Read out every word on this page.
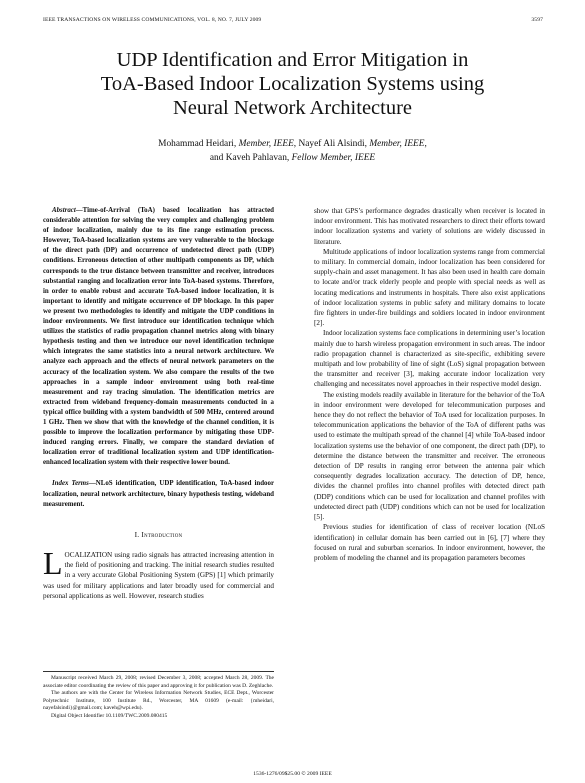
IEEE TRANSACTIONS ON WIRELESS COMMUNICATIONS, VOL. 8, NO. 7, JULY 2009	3597
UDP Identification and Error Mitigation in
ToA-Based Indoor Localization Systems using
Neural Network Architecture
Mohammad Heidari, Member, IEEE, Nayef Ali Alsindi, Member, IEEE,
and Kaveh Pahlavan, Fellow Member, IEEE
Abstract—Time-of-Arrival (ToA) based localization has attracted considerable attention for solving the very complex and challenging problem of indoor localization, mainly due to its fine range estimation process. However, ToA-based localization systems are very vulnerable to the blockage of the direct path (DP) and occurrence of undetected direct path (UDP) conditions. Erroneous detection of other multipath components as DP, which corresponds to the true distance between transmitter and receiver, introduces substantial ranging and localization error into ToA-based systems. Therefore, in order to enable robust and accurate ToA-based indoor localization, it is important to identify and mitigate occurrence of DP blockage. In this paper we present two methodologies to identify and mitigate the UDP conditions in indoor environments. We first introduce our identification technique which utilizes the statistics of radio propagation channel metrics along with binary hypothesis testing and then we introduce our novel identification technique which integrates the same statistics into a neural network architecture. We analyze each approach and the effects of neural network parameters on the accuracy of the localization system. We also compare the results of the two approaches in a sample indoor environment using both real-time measurement and ray tracing simulation. The identification metrics are extracted from wideband frequency-domain measurements conducted in a typical office building with a system bandwidth of 500 MHz, centered around 1 GHz. Then we show that with the knowledge of the channel condition, it is possible to improve the localization performance by mitigating those UDP-induced ranging errors. Finally, we compare the standard deviation of localization error of traditional localization system and UDP identification-enhanced localization system with their respective lower bound.
Index Terms—NLoS identification, UDP identification, ToA-based indoor localization, neural network architecture, binary hypothesis testing, wideband measurement.
I. Introduction

LOCALIZATION using radio signals has attracted increasing attention in the field of positioning and tracking. The initial research studies resulted in a very accurate Global Positioning System (GPS) [1] which primarily was used for military applications and later broadly used for commercial and personal applications as well. However, research studies

Manuscript received March 29, 2008; revised December 3, 2008; accepted March 28, 2009. The associate editor coordinating the review of this paper and approving it for publication was D. Zeghlache.
The authors are with the Center for Wireless Information Network Studies, ECE Dept., Worcester Polytechnic Institute, 100 Institute Rd., Worcester, MA 01609 (e-mail: {mheidari, nayefalsindi}@gmail.com; kaveh@wpi.edu).
Digital Object Identifier 10.1109/TWC.2009.080415

show that GPS’s performance degrades drastically when receiver is located in indoor environment. This has motivated researchers to direct their efforts toward indoor localization systems and variety of solutions are widely discussed in literature.

Multitude applications of indoor localization systems range from commercial to military. In commercial domain, indoor localization has been considered for supply-chain and asset management. It has also been used in health care domain to locate and/or track elderly people and people with special needs as well as locating medications and instruments in hospitals. There also exist applications of indoor localization systems in public safety and military domains to locate fire fighters in under-fire buildings and soldiers located in indoor environment [2].

Indoor localization systems face complications in determining user’s location mainly due to harsh wireless propagation environment in such areas. The indoor radio propagation channel is characterized as site-specific, exhibiting severe multipath and low probability of line of sight (LoS) signal propagation between the transmitter and receiver [3], making accurate indoor localization very challenging and necessitates novel approaches in their respective model design.

The existing models readily available in literature for the behavior of the ToA in indoor environment were developed for telecommunication purposes and hence they do not reflect the behavior of ToA used for localization purposes. In telecommunication applications the behavior of the ToA of different paths was used to estimate the multipath spread of the channel [4] while ToA-based indoor localization systems use the behavior of one component, the direct path (DP), to determine the distance between the transmitter and receiver. The erroneous detection of DP results in ranging error between the antenna pair which consequently degrades localization accuracy. The detection of DP, hence, divides the channel profiles into channel profiles with detected direct path (DDP) conditions which can be used for localization and channel profiles with undetected direct path (UDP) conditions which can not be used for localization [5].

Previous studies for identification of class of receiver location (NLoS identification) in cellular domain has been carried out in [6], [7] where they focused on rural and suburban scenarios. In indoor environment, however, the problem of modeling the channel and its propagation parameters becomes

1536-1276/09$25.00 © 2009 IEEE
